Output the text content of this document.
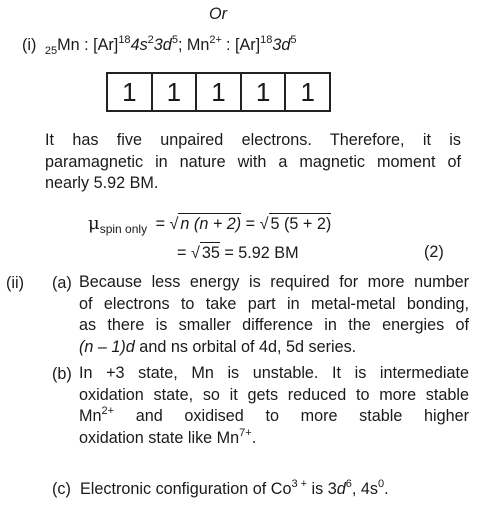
Or
(i) $_{25}$Mn : $[Ar]^{18}4s^23d^5$; $Mn^{2+}$ : $[Ar]^{18}3d^5$
1 1 1 1 1
It has five unpaired electrons. Therefore, it is
paramagnetic in nature with a magnetic moment of
nearly 5.92 BM.
$\mu_{spin only}$ = √ n (n + 2) = √ 5 (5 + 2)
= √ 35 = 5.92 BM	(2)
(ii) (a) Because less energy is required for more number
of electrons to take part in metal-metal bonding,
as there is smaller difference in the energies of
(n – 1)d and ns orbital of 4d, 5d series.
(b) In +3 state, Mn is unstable. It is intermediate
oxidation state, so it gets reduced to more stable
$Mn^{2+}$ and oxidised to more stable higher
oxidation state like $Mn^{7+}$.
(c) Electronic configuration of $Co^{3 +}$ is $3d^6$, $4s^0$.
